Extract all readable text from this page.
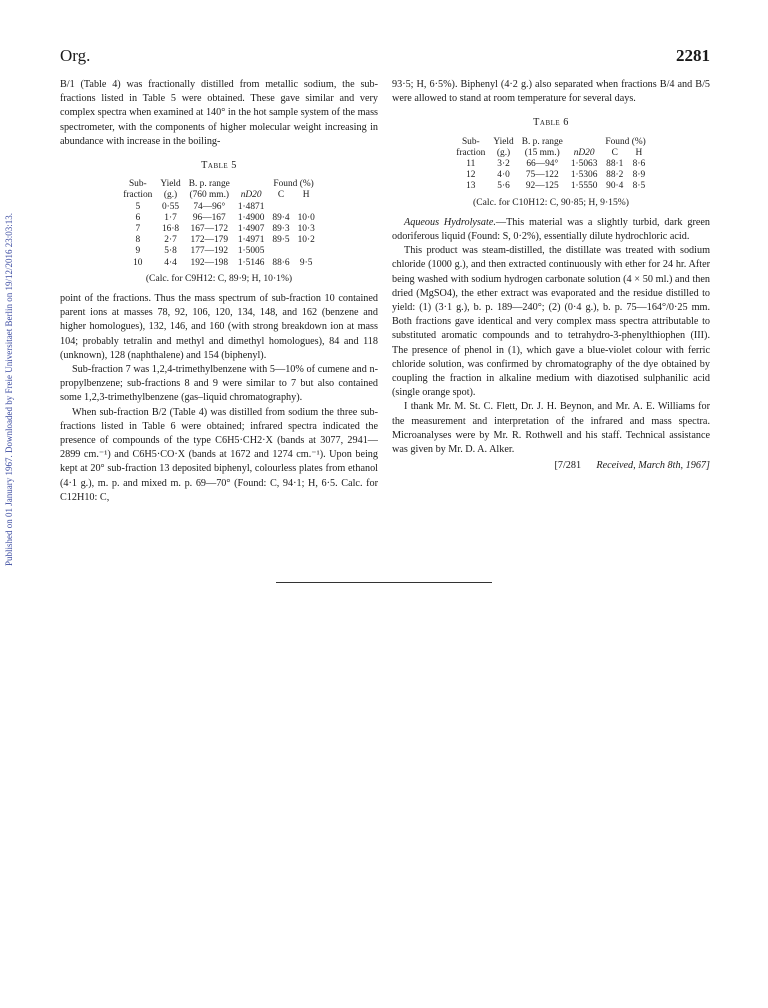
Published on 01 January 1967. Downloaded by Freie Universitaet Berlin on 19/12/2016 23:03:13.
Org.	2281

B/1 (Table 4) was fractionally distilled from metallic sodium, the sub-fractions listed in Table 5 were obtained. These gave similar and very complex spectra when examined at 140° in the hot sample system of the mass spectrometer, with the components of higher molecular weight increasing in abundance with increase in the boiling-

Table 5
Sub-	Yield	B. p. range		Found (%)	
fraction	(g.)	(760 mm.)	nD20	C	H
5	0·55	74—96°	1·4871		
6	1·7	96—167	1·4900	89·4	10·0
7	16·8	167—172	1·4907	89·3	10·3
8	2·7	172—179	1·4971	89·5	10·2
9	5·8	177—192	1·5005		
10	4·4	192—198	1·5146	88·6	9·5
(Calc. for C9H12: C, 89·9; H, 10·1%)

point of the fractions. Thus the mass spectrum of sub-fraction 10 contained parent ions at masses 78, 92, 106, 120, 134, 148, and 162 (benzene and higher homologues), 132, 146, and 160 (with strong breakdown ion at mass 104; probably tetralin and methyl and dimethyl homologues), 84 and 118 (unknown), 128 (naphthalene) and 154 (biphenyl).

Sub-fraction 7 was 1,2,4-trimethylbenzene with 5—10% of cumene and n-propylbenzene; sub-fractions 8 and 9 were similar to 7 but also contained some 1,2,3-trimethylbenzene (gas–liquid chromatography).

When sub-fraction B/2 (Table 4) was distilled from sodium the three sub-fractions listed in Table 6 were obtained; infrared spectra indicated the presence of compounds of the type C6H5·CH2·X (bands at 3077, 2941—2899 cm.⁻¹) and C6H5·CO·X (bands at 1672 and 1274 cm.⁻¹). Upon being kept at 20° sub-fraction 13 deposited biphenyl, colourless plates from ethanol (4·1 g.), m. p. and mixed m. p. 69—70° (Found: C, 94·1; H, 6·5. Calc. for C12H10: C,

93·5; H, 6·5%). Biphenyl (4·2 g.) also separated when fractions B/4 and B/5 were allowed to stand at room temperature for several days.

Table 6
Sub-	Yield	B. p. range		Found (%)	
fraction	(g.)	(15 mm.)	nD20	C	H
11	3·2	66—94°	1·5063	88·1	8·6
12	4·0	75—122	1·5306	88·2	8·9
13	5·6	92—125	1·5550	90·4	8·5
(Calc. for C10H12: C, 90·85; H, 9·15%)

Aqueous Hydrolysate.—This material was a slightly turbid, dark green odoriferous liquid (Found: S, 0·2%), essentially dilute hydrochloric acid.

This product was steam-distilled, the distillate was treated with sodium chloride (1000 g.), and then extracted continuously with ether for 24 hr. After being washed with sodium hydrogen carbonate solution (4 × 50 ml.) and then dried (MgSO4), the ether extract was evaporated and the residue distilled to yield: (1) (3·1 g.), b. p. 189—240°; (2) (0·4 g.), b. p. 75—164°/0·25 mm. Both fractions gave identical and very complex mass spectra attributable to substituted aromatic compounds and to tetrahydro-3-phenylthiophen (III). The presence of phenol in (1), which gave a blue-violet colour with ferric chloride solution, was confirmed by chromatography of the dye obtained by coupling the fraction in alkaline medium with diazotised sulphanilic acid (single orange spot).

I thank Mr. M. St. C. Flett, Dr. J. H. Beynon, and Mr. A. E. Williams for the measurement and interpretation of the infrared and mass spectra. Microanalyses were by Mr. R. Rothwell and his staff. Technical assistance was given by Mr. D. A. Alker.

[7/281 Received, March 8th, 1967]
